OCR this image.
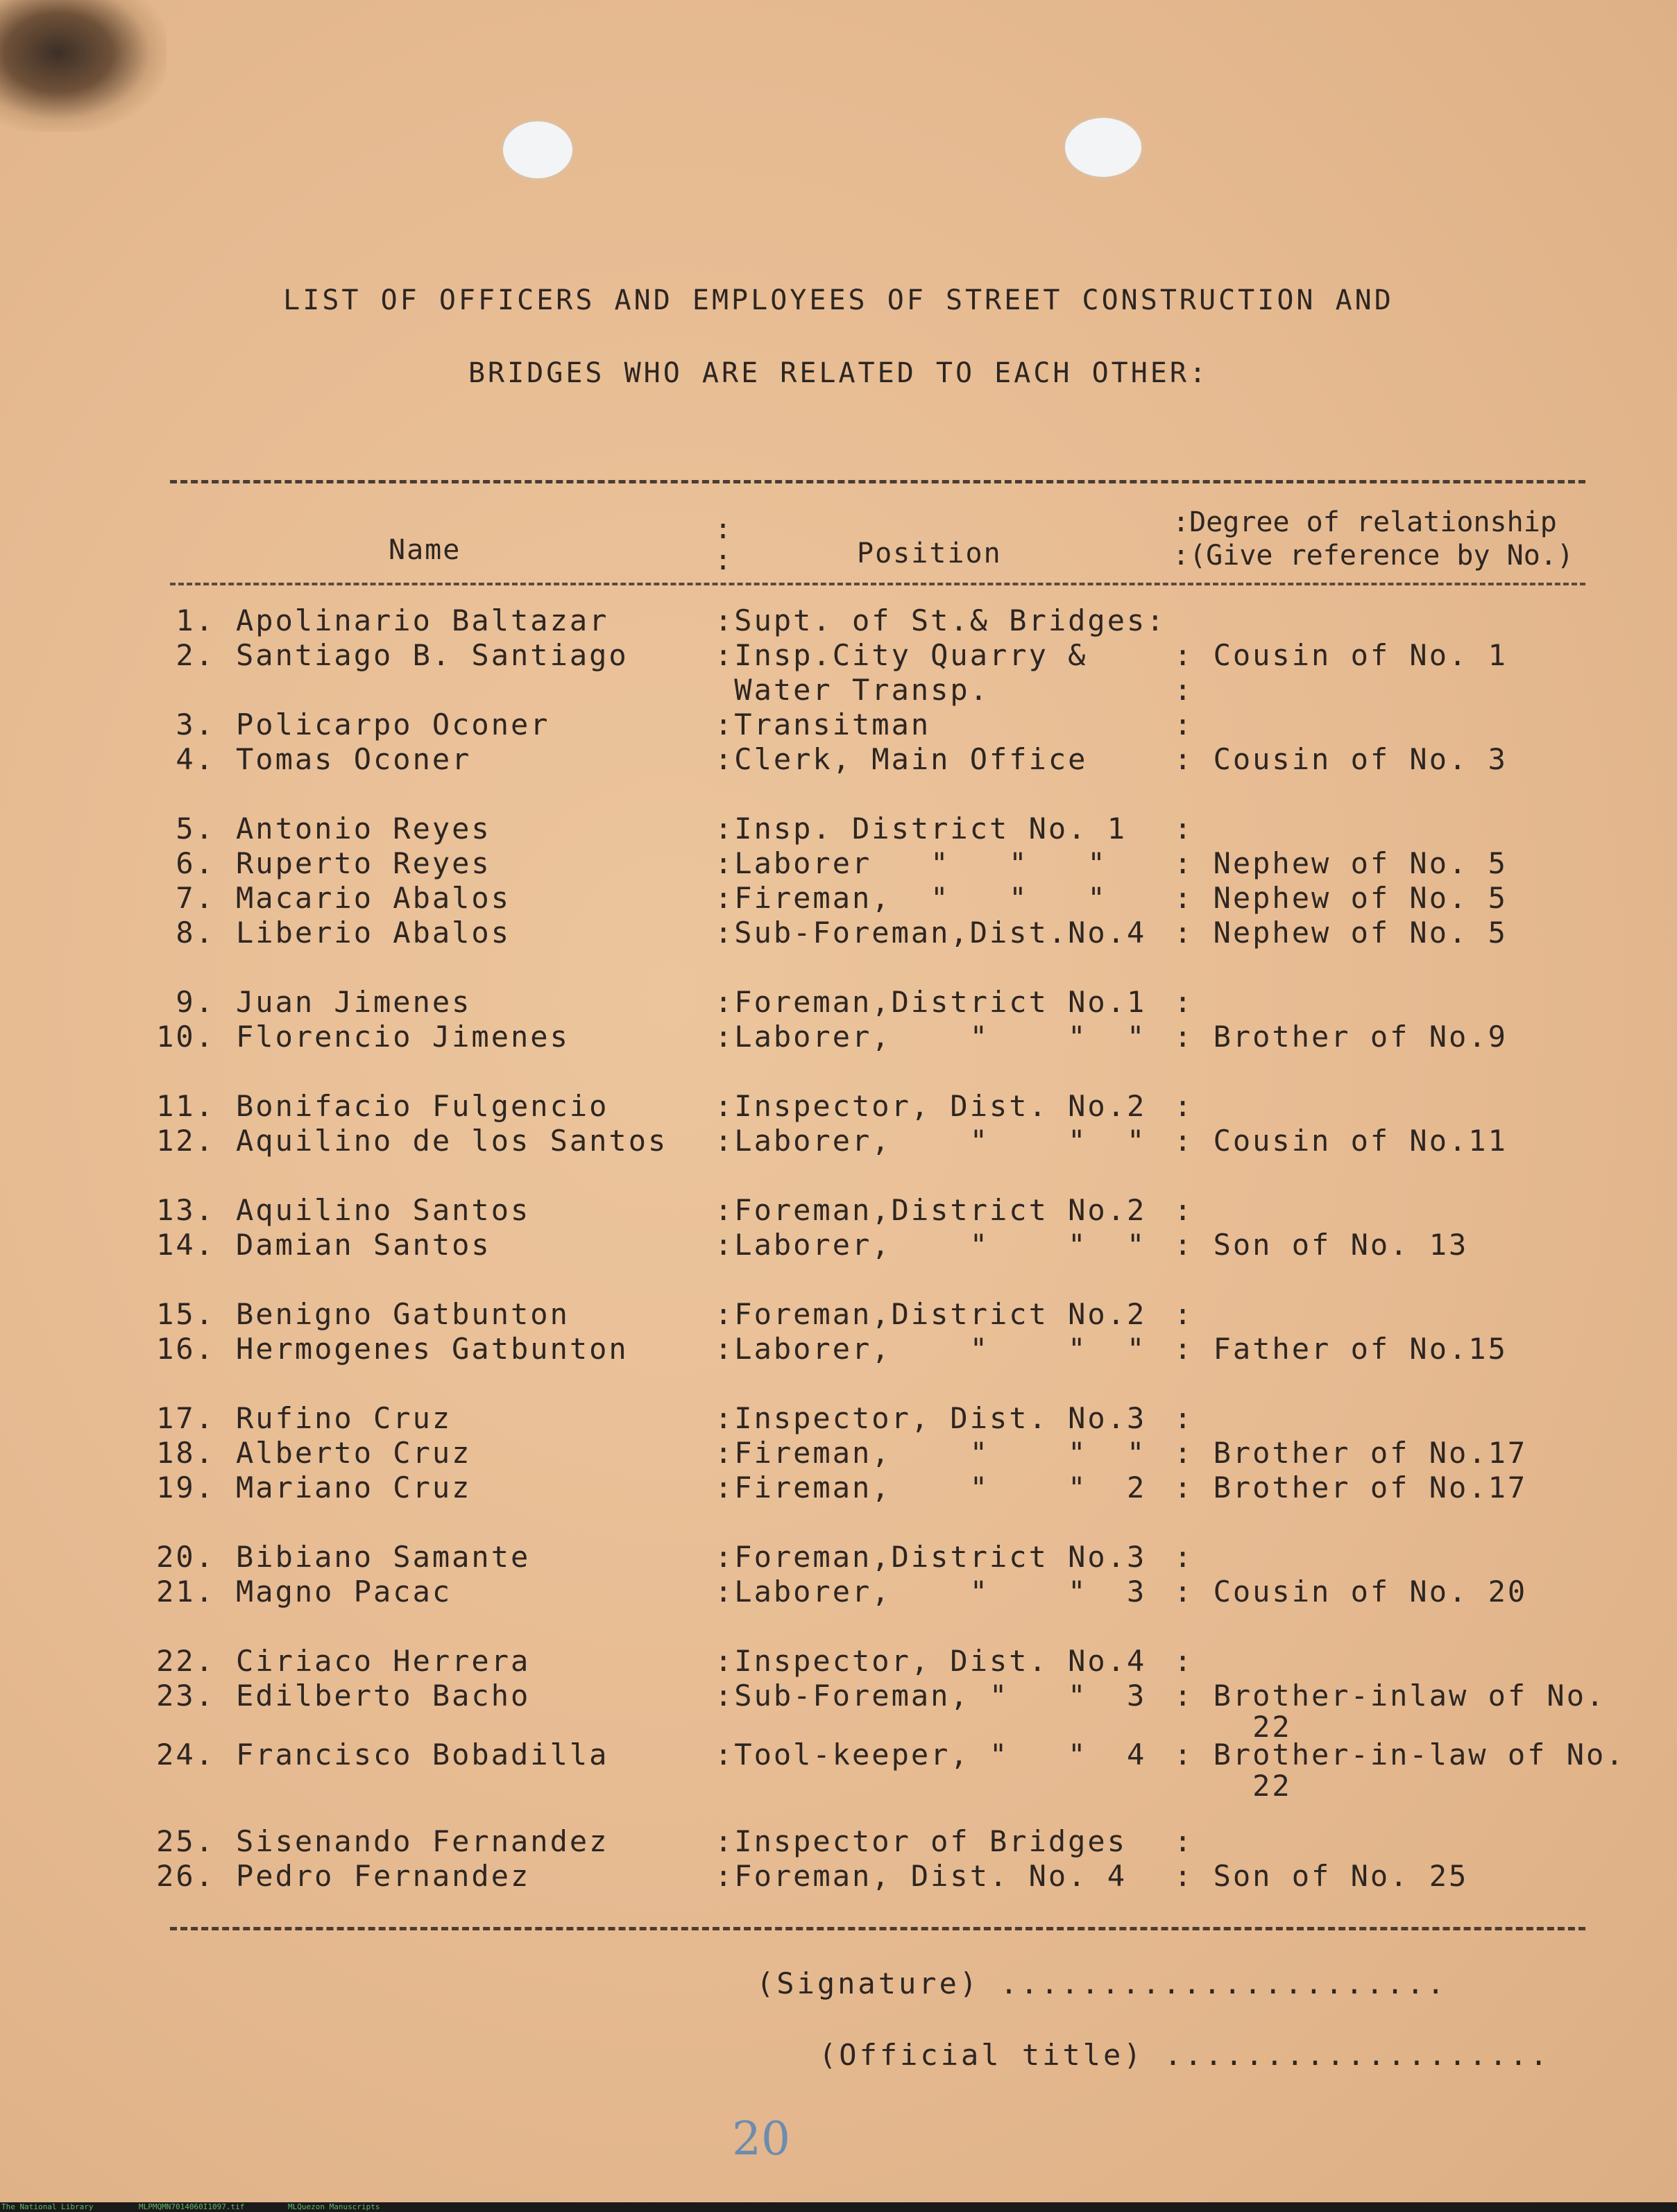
LIST OF OFFICERS AND EMPLOYEES OF STREET CONSTRUCTION AND
BRIDGES WHO ARE RELATED TO EACH OTHER:
:
:
Name	Position
:Degree of relationship
:(Give reference by No.)
1. Apolinario Baltazar	:Supt. of St.& Bridges:
2. Santiago B. Santiago	:Insp.City Quarry &	: Cousin of No. 1
Water Transp.	:
3. Policarpo Oconer	:Transitman	:
4. Tomas Oconer	:Clerk, Main Office	: Cousin of No. 3
5. Antonio Reyes	:Insp. District No. 1 :
6. Ruperto Reyes	:Laborer   "   "   " : Nephew of No. 5
7. Macario Abalos	:Fireman,  "   "   " : Nephew of No. 5
8. Liberio Abalos	:Sub-Foreman,Dist.No.4 : Nephew of No. 5
9. Juan Jimenes	:Foreman,District No.1 :
10. Florencio Jimenes	:Laborer,    "    "  " : Brother of No.9
11. Bonifacio Fulgencio	:Inspector, Dist. No.2 :
12. Aquilino de los Santos :Laborer,    "    "  " : Cousin of No.11
13. Aquilino Santos	:Foreman,District No.2 :
14. Damian Santos	:Laborer,    "    "  " : Son of No. 13
15. Benigno Gatbunton	:Foreman,District No.2 :
16. Hermogenes Gatbunton	:Laborer,    "    "  " : Father of No.15
17. Rufino Cruz	:Inspector, Dist. No.3 :
18. Alberto Cruz	:Fireman,    "    "  " : Brother of No.17
19. Mariano Cruz	:Fireman,    "    "  2 : Brother of No.17
20. Bibiano Samante	:Foreman,District No.3 :
21. Magno Pacac	:Laborer,    "    "  3 : Cousin of No. 20
22. Ciriaco Herrera	:Inspector, Dist. No.4 :
23. Edilberto Bacho	:Sub-Foreman, "   "  3 : Brother-inlaw of No.
22
24. Francisco Bobadilla	:Tool-keeper, "   "  4 : Brother-in-law of No.
22
25. Sisenando Fernandez	:Inspector of Bridges :
26. Pedro Fernandez	:Foreman, Dist. No. 4 : Son of No. 25
(Signature) ......................
(Official title) ...................
20
The National Library	MLPMQMN7014060I1097.tif	MLQuezon Manuscripts
